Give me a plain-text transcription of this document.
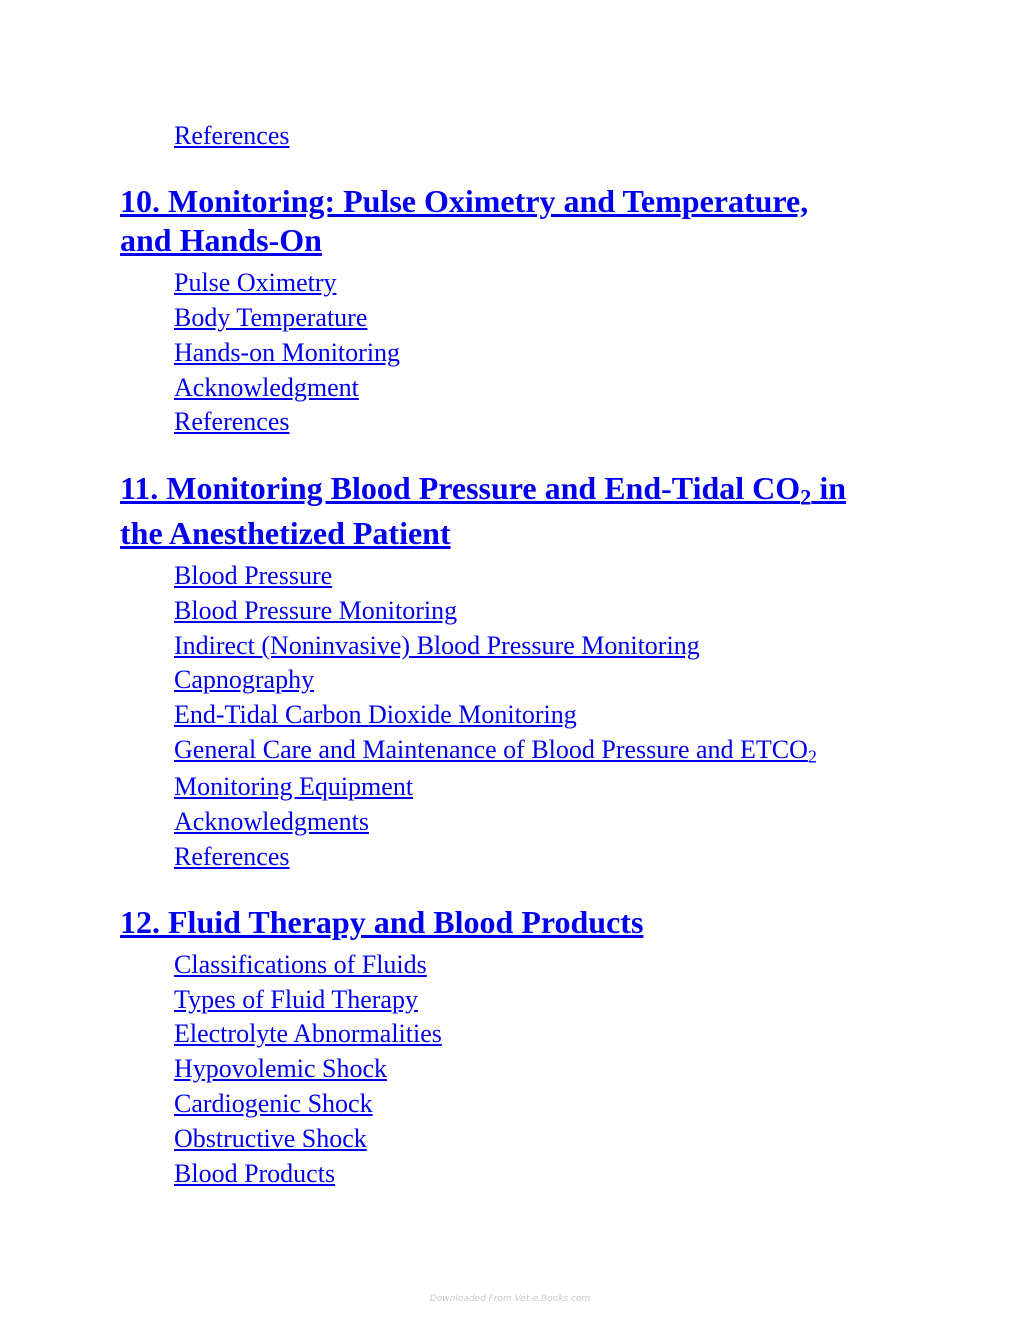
References
10. Monitoring: Pulse Oximetry and Temperature,
and Hands-On
Pulse Oximetry
Body Temperature
Hands-on Monitoring
Acknowledgment
References
11. Monitoring Blood Pressure and End-Tidal $CO_2$ in
the Anesthetized Patient
Blood Pressure
Blood Pressure Monitoring
Indirect (Noninvasive) Blood Pressure Monitoring
Capnography
End-Tidal Carbon Dioxide Monitoring
General Care and Maintenance of Blood Pressure and $ETCO_2$
Monitoring Equipment
Acknowledgments
References
12. Fluid Therapy and Blood Products
Classifications of Fluids
Types of Fluid Therapy
Electrolyte Abnormalities
Hypovolemic Shock
Cardiogenic Shock
Obstructive Shock
Blood Products
Downloaded From Vet-e.Books.com
